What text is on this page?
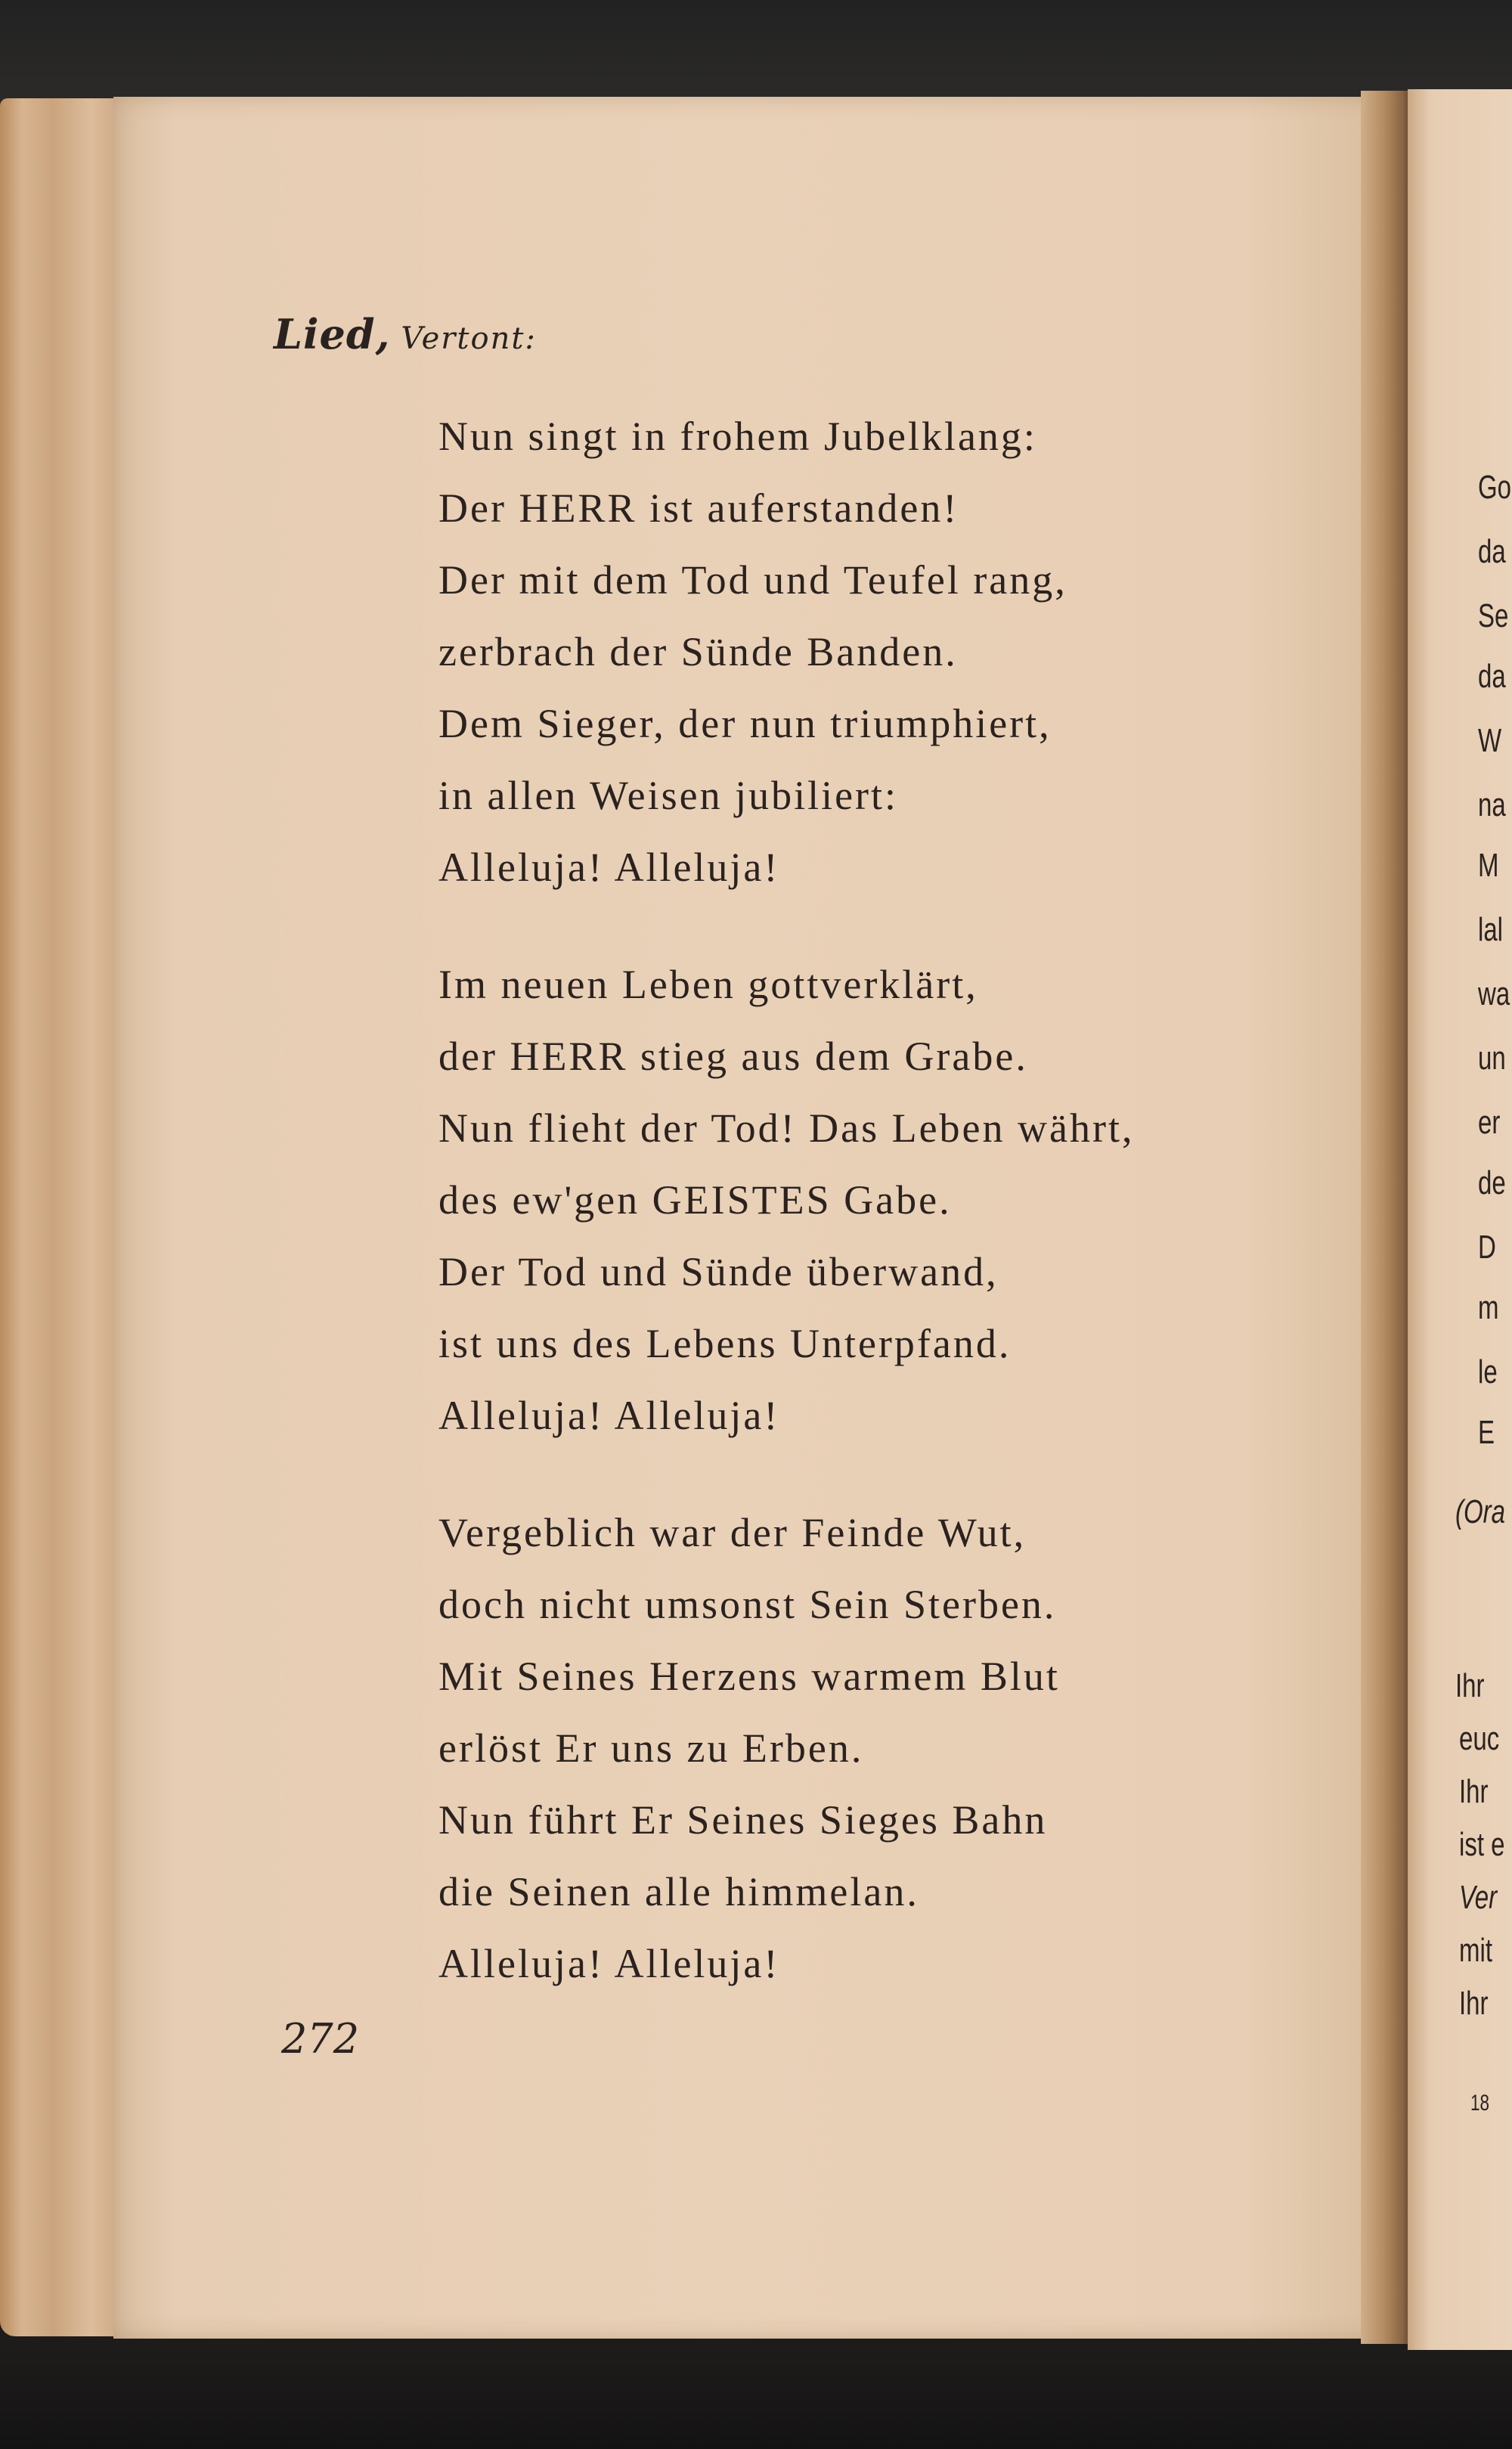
Go
da
Se
da
W
na
M
lal
wa
un
er
de
D
m
le
E
(Ora
Ihr
euc
Ihr
ist e
Ver
mit
Ihr
18
Lied, Vertont:
Nun singt in frohem Jubelklang:
Der HERR ist auferstanden!
Der mit dem Tod und Teufel rang,
zerbrach der Sünde Banden.
Dem Sieger, der nun triumphiert,
in allen Weisen jubiliert:
Alleluja! Alleluja!
Im neuen Leben gottverklärt,
der HERR stieg aus dem Grabe.
Nun flieht der Tod! Das Leben währt,
des ew'gen GEISTES Gabe.
Der Tod und Sünde überwand,
ist uns des Lebens Unterpfand.
Alleluja! Alleluja!
Vergeblich war der Feinde Wut,
doch nicht umsonst Sein Sterben.
Mit Seines Herzens warmem Blut
erlöst Er uns zu Erben.
Nun führt Er Seines Sieges Bahn
die Seinen alle himmelan.
Alleluja! Alleluja!
272
